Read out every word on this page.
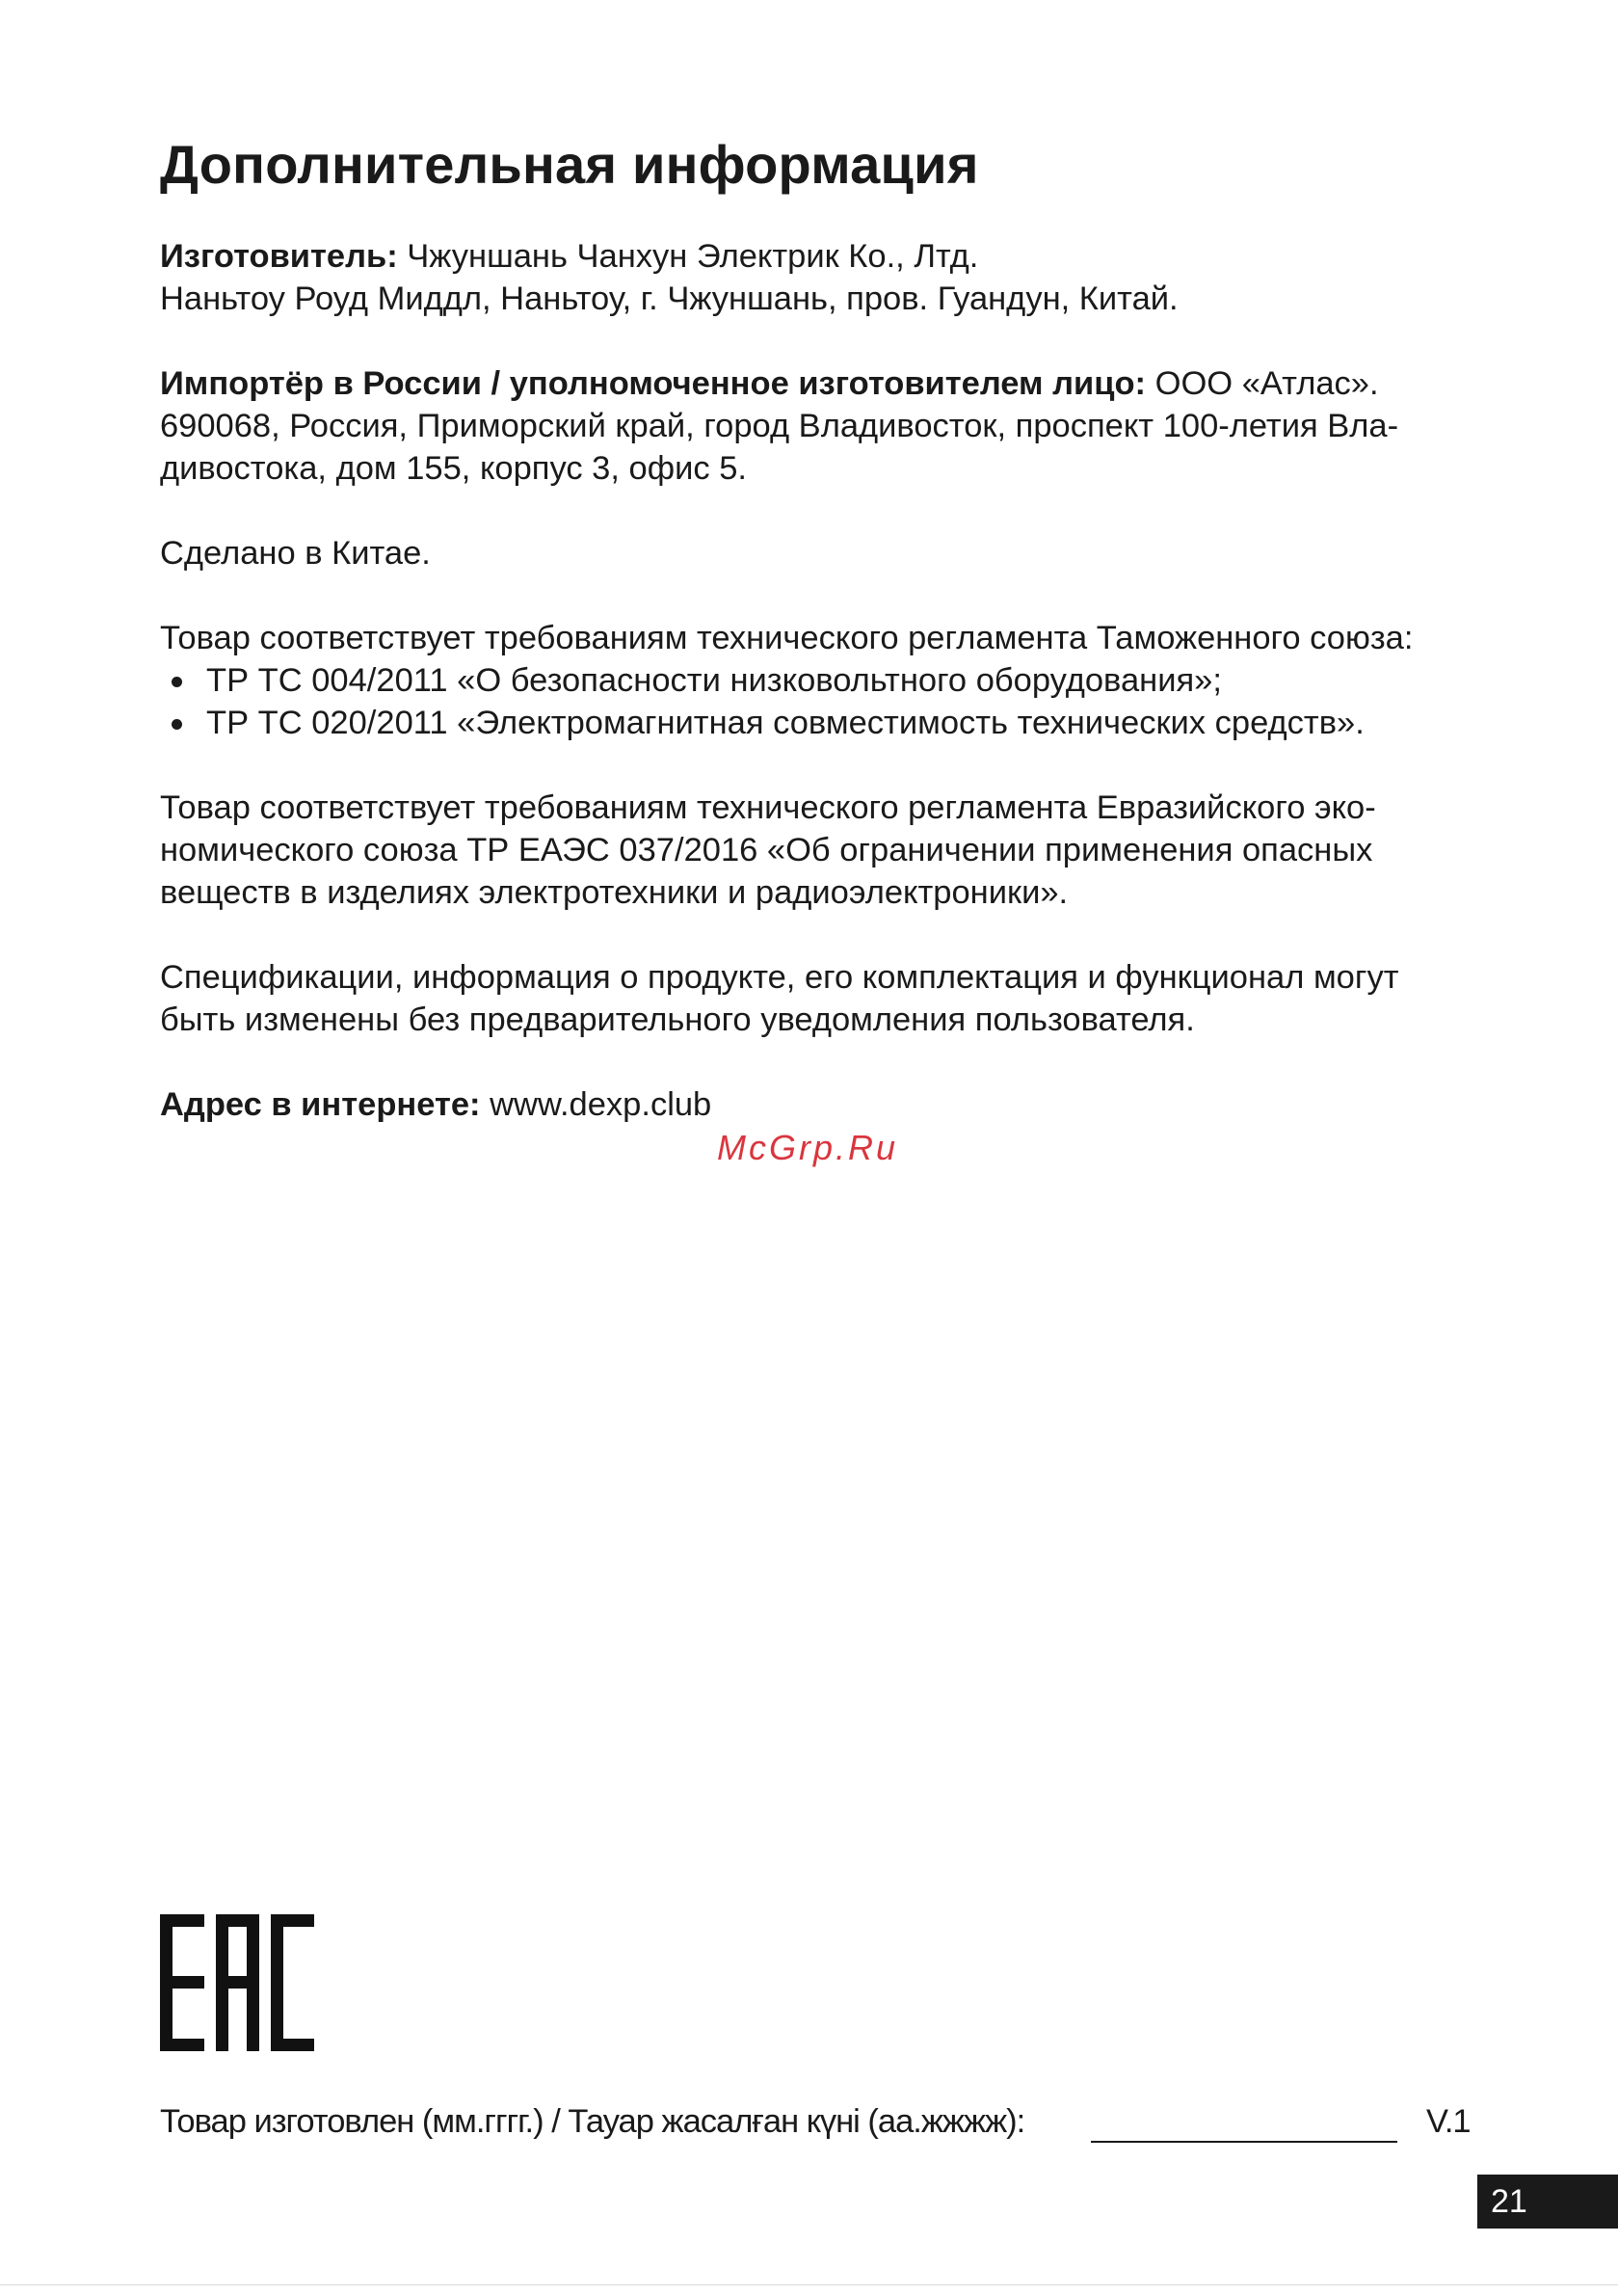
Дополнительная информация

Изготовитель: Чжуншань Чанхун Электрик Ко., Лтд.
Наньтоу Роуд Миддл, Наньтоу, г. Чжуншань, пров. Гуандун, Китай.

Импортёр в России / уполномоченное изготовителем лицо: ООО «Атлас».
690068, Россия, Приморский край, город Владивосток, проспект 100-летия Вла-
дивостока, дом 155, корпус 3, офис 5.

Сделано в Китае.

Товар соответствует требованиям технического регламента Таможенного союза:
ТР ТС 004/2011 «О безопасности низковольтного оборудования»;
ТР ТС 020/2011 «Электромагнитная совместимость технических средств».

Товар соответствует требованиям технического регламента Евразийского эко-
номического союза ТР ЕАЭС 037/2016 «Об ограничении применения опасных
веществ в изделиях электротехники и радиоэлектроники».

Спецификации, информация о продукте, его комплектация и функционал могут
быть изменены без предварительного уведомления пользователя.

Адрес в интернете: www.dexp.club

McGrp.Ru
Товар изготовлен (мм.гггг.) / Тауар жасалған күні (аа.жжжж):	V.1
21
